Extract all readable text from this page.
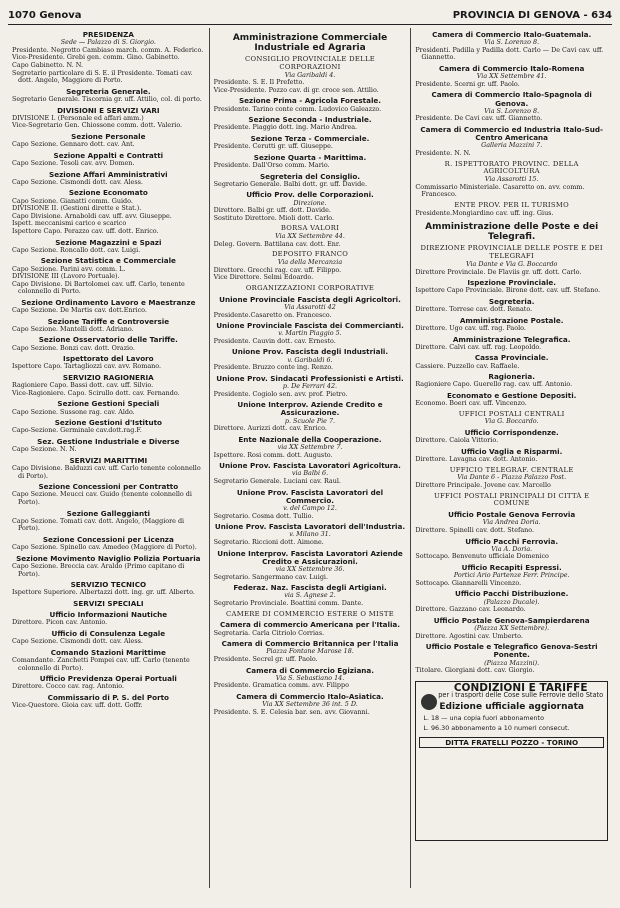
1070 Genova	PROVINCIA DI GENOVA - 634
PRESIDENZA
Sede — Palazzo di S. Giorgio.
Presidente. Negrotto Cambiaso march. comm. A. Federico.
Vice-Presidente. Grebi gen. comm. Gino. Gabinetto.
Capo Gabinetto. N. N.
Segretario particolare di S. E. il Presidente. Tomati cav. dott. Angelo, Maggiore di Porto.
Segreteria Generale.
Segretario Generale. Tiscornia gr. uff. Attilio, col. di porto.
DIVISIONI E SERVIZI VARI
DIVISIONE I. (Personale ed affari amm.)
Vice-Segretario Gen. Chiossone comm. dott. Valerio.
Sezione Personale
Capo Sezione. Gennaro dott. cav. Ant.
Sezione Appalti e Contratti
Capo Sezione. Tesoli cav. avv. Domen.
Sezione Affari Amministrativi
Capo Sezione. Cismondi dott. cav. Aless.
Sezione Economato
Capo Sezione. Gianatti comm. Guido.
DIVISIONE II. (Gestioni dirette e Stat.).
Capo Divisione. Arnaboldi cav. uff. avv. Giuseppe.
Ispett. meccanismi carico e scarico
Ispettore Capo. Perazzo cav. uff. dott. Enrico.
Sezione Magazzini e Spazi
Capo Sezione. Roncallo dott. cav. Luigi.
Sezione Statistica e Commerciale
Capo Sezione. Parini avv. comm. L.
DIVISIONE III (Lavoro Portuale).
Capo Divisione. Di Bartolomei cav. uff. Carlo, tenente colonnello di Porto.
Sezione Ordinamento Lavoro e Maestranze
Capo Sezione. De Martis cav. dott.Enrico.
Sezione Tariffe e Controversie
Capo Sezione. Mantelli dott. Adriano.
Sezione Osservatorio delle Tariffe.
Capo Sezione. Bonzi cav. dott. Orazio.
Ispettorato del Lavoro
Ispettore Capo. Tartagliozzi cav. avv. Romano.
SERVIZIO RAGIONERIA
Ragioniere Capo. Bassi dott. cav. uff. Silvio.
Vice-Ragioniere. Capo. Scirullo dott. cav. Fernando.
Sezione Gestioni Speciali
Capo Sezione. Sussone rag. cav. Aldo.
Sezione Gestioni d'Istituto
Capo-Sezione. Germinale cav.dott.rag.F.
Sez. Gestione Industriale e Diverse
Capo Sezione. N. N.
SERVIZI MARITTIMI
Capo Divisione. Balduzzi cav. uff. Carlo tenente colonnello di Porto).
Sezione Concessioni per Contratto
Capo Sezione. Meucci cav. Guido (tenente colonnello di Porto).
Sezione Galleggianti
Capo Sezione. Tomati cav. dott. Angelo, (Maggiore di Porto).
Sezione Concessioni per Licenza
Capo Sezione. Spinello cav. Amedeo (Maggiore di Porto).
Sezione Movimento Naviglio Polizia Portuaria
Capo Sezione. Breccia cav. Araldo (Primo capitano di Porto).
SERVIZIO TECNICO
Ispettore Superiore. Albertazzi dott. ing. gr. uff. Alberto.
SERVIZI SPECIALI
Ufficio Informazioni Nautiche
Direttore. Picon cav. Antonio.
Ufficio di Consulenza Legale
Capo Sezione. Cismondi dott. cav. Aless.
Comando Stazioni Marittime
Comandante. Zanchetti Pompei cav. uff. Carlo (tenente colonnello di Porto).
Ufficio Previdenza Operai Portuali
Direttore. Cocco cav. rag. Antonio.
Commissario di P. S. del Porto
Vice-Questore. Gioia cav. uff. dott. Goffr.
Amministrazione Commerciale Industriale ed Agraria
CONSIGLIO PROVINCIALE DELLE CORPORAZIONI
Via Garibaldi 4.
Presidente. S. E. Il Prefetto.
Vice-Presidente. Pozzo cav. di gr. croce sen. Attilio.
Sezione Prima - Agricola Forestale.
Presidente. Tarino conte comm. Ludovico Galeazzo.
Sezione Seconda - Industriale.
Presidente. Piaggio dott. ing. Mario Andrea.
Sezione Terza - Commerciale.
Presidente. Cerutti gr. uff. Giuseppe.
Sezione Quarta - Marittima.
Presidente. Dall'Orso comm. Mario.
Segreteria del Consiglio.
Segretario Generale. Balbi dott. gr. uff. Davide.
Ufficio Prov. delle Corporazioni.
Direzione.
Direttore. Balbi gr. uff. dott. Davide.
Sostituto Direttore. Mioli dott. Carlo.
BORSA VALORI
Via XX Settembre 44.
Deleg. Govern. Battilana cav. dott. Enr.
DEPOSITO FRANCO
Via della Mercanzia
Direttore. Grecchi rag. cav. uff. Filippo.
Vice Direttore. Selmi Edoardo.
ORGANIZZAZIONI CORPORATIVE
Unione Provinciale Fascista degli Agricoltori.
Via Assarotti 42
Presidente.Casaretto on. Francesco.
Unione Provinciale Fascista dei Commercianti.
v. Martin Piaggio 5.
Presidente. Cauvin dott. cav. Ernesto.
Unione Prov. Fascista degli Industriali.
v. Garibaldi 6.
Presidente. Bruzzo conte ing. Renzo.
Unione Prov. Sindacati Professionisti e Artisti.
p. De Ferrari 42.
Presidente. Cogiolo sen. avv. prof. Pietro.
Unione Interprov. Aziende Credito e Assicurazione.
p. Scuole Pie 7.
Direttore. Aurizzi dott. cav. Enrico.
Ente Nazionale della Cooperazione.
via XX Settembre 7.
Ispettore. Rosi comm. dott. Augusto.
Unione Prov. Fascista Lavoratori Agricoltura.
via Balbi 6.
Segretario Generale. Luciani cav. Raul.
Unione Prov. Fascista Lavoratori del Commercio.
v. del Campo 12.
Segretario. Cosma dott. Tullio.
Unione Prov. Fascista Lavoratori dell'Industria.
v. Milano 31.
Segretario. Riccioni dott. Aimone.
Unione Interprov. Fascista Lavoratori Aziende Credito e Assicurazioni.
via XX Settembre 36.
Segretario. Sangermano cav. Luigi.
Federaz. Naz. Fascista degli Artigiani.
via S. Agnese 2.
Segretario Provinciale. Boattini comm. Dante.
CAMERE DI COMMERCIO ESTERE O MISTE
Camera di commercio Americana per l'Italia.
Segretaria. Carla Citriolo Corrias.
Camera di Commercio Britannica per l'Italia
Piazza Fontane Marose 18.
Presidente. Secrel gr. uff. Paolo.
Camera di Commercio Egiziana.
Via S. Sebastiano 14.
Presidente. Gramatica comm. avv. Filippo
Camera di Commercio Italo-Asiatica.
Via XX Settembre 36 int. 5 D.
Presidente. S. E. Celesia bar. sen. avv. Giovanni.
Camera di Commercio Italo-Guatemala.
Via S. Lorenzo 8.
Presidenti. Padilla y Padilla dott. Carlo — De Cavi cav. uff. Giannetto.
Camera di Commercio Italo-Romena
Via XX Settembre 41.
Presidente. Scerni gr. uff. Paolo.
Camera di Commercio Italo-Spagnola di Genova.
Via S. Lorenzo 8.
Presidente. De Cavi cav. uff. Giannetto.
Camera di Commercio ed Industria Italo-Sud-Centro Americana
Galleria Mazzini 7.
Presidente. N. N.
R. ISPETTORATO PROVINC. DELLA AGRICOLTURA
Via Assarotti 15.
Commissario Ministeriale. Casaretto on. avv. comm. Francesco.
ENTE PROV. PER IL TURISMO
Presidente.Mongiardino cav. uff. ing. Gius.
Amministrazione delle Poste e dei Telegrafi.
DIREZIONE PROVINCIALE DELLE POSTE E DEI TELEGRAFI
Via Dante e Via G. Boccardo
Direttore Provinciale. De Flaviis gr. uff. dott. Carlo.
Ispezione Provinciale.
Ispettore Capo Provinciale. Birone dott. cav. uff. Stefano.
Segreteria.
Direttore. Torrese cav. dott. Renato.
Amministrazione Postale.
Direttore. Ugo cav. uff. rag. Paolo.
Amministrazione Telegrafica.
Direttore. Calvi cav. uff. rag. Leopoldo.
Cassa Provinciale.
Cassiere. Puzzello cav. Raffaele.
Ragioneria.
Ragioniere Capo. Guerello rag. cav. uff. Antonio.
Economato e Gestione Depositi.
Economo. Boeri cav. uff. Vincenzo.
UFFICI POSTALI CENTRALI
Via G. Boccardo.
Ufficio Corrispondenze.
Direttore. Caiola Vittorio.
Ufficio Vaglia e Risparmi.
Direttore. Lavagna cav. dott. Antonio.
UFFICIO TELEGRAF. CENTRALE
Via Dante 6 - Piazza Palazzo Post.
Direttore Principale. Jovene cav. Marcello
UFFICI POSTALI PRINCIPALI DI CITTÀ E COMUNE
Ufficio Postale Genova Ferrovia
Via Andrea Doria.
Direttore. Spinelli cav. dott. Stefano.
Ufficio Pacchi Ferrovia.
Via A. Doria.
Sottocapo. Benvenuto ufficiale Domenico
Ufficio Recapiti Espressi.
Portici Ario Partenze Ferr. Principe.
Sottocapo. Giannarelli Vincenzo.
Ufficio Pacchi Distribuzione.
(Palazzo Ducale).
Direttore. Gazzano cav. Leonardo.
Ufficio Postale Genova-Sampierdarena
(Piazza XX Settembre).
Direttore. Agostini cav. Umberto.
Ufficio Postale e Telegrafico Genova-Sestri Ponente.
(Piazza Mazzini).
Titolare. Giorgiani dott. cav. Giorgio.
CONDIZIONI E TARIFFE
per i trasporti delle Cose sulle Ferrovie dello Stato
Edizione ufficiale aggiornata
L. 18 — una copia fuori abbonamento
L. 96.30 abbonamento a 10 numeri consecut.
DITTA FRATELLI POZZO - TORINO
